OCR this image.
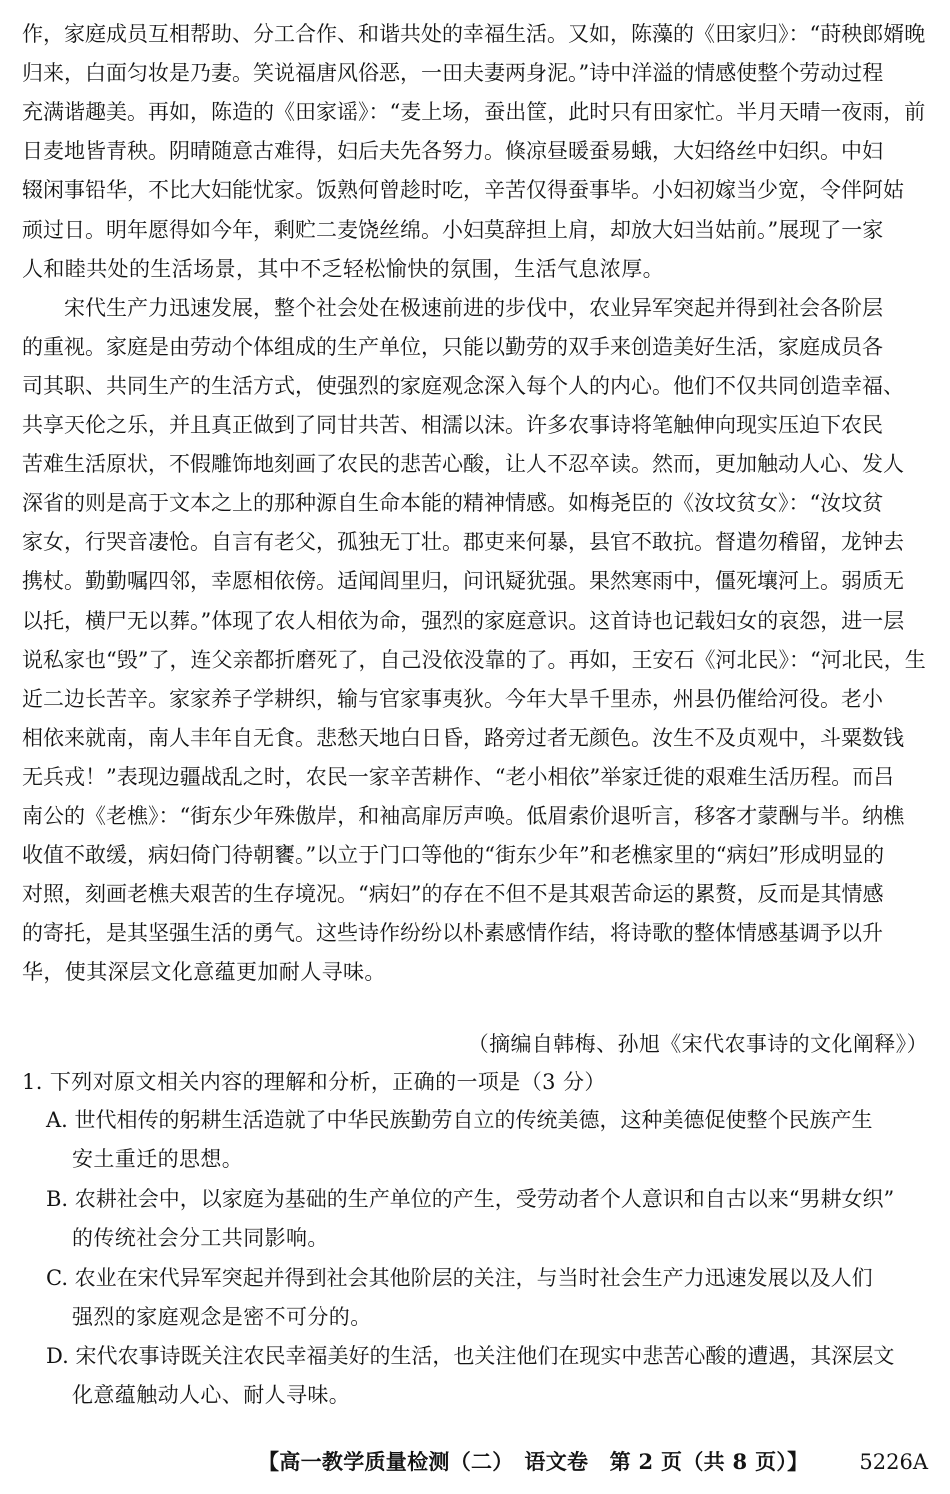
作，家庭成员互相帮助、分工合作、和谐共处的幸福生活。又如，陈藻的《田家归》：“莳秧郎婿晚
归来，白面匀妆是乃妻。笑说福唐风俗恶，一田夫妻两身泥。”诗中洋溢的情感使整个劳动过程
充满谐趣美。再如，陈造的《田家谣》：“麦上场，蚕出筐，此时只有田家忙。半月天晴一夜雨，前
日麦地皆青秧。阴晴随意古难得，妇后夫先各努力。倏凉昼暖蚕易蛾，大妇络丝中妇织。中妇
辍闲事铅华，不比大妇能忧家。饭熟何曾趁时吃，辛苦仅得蚕事毕。小妇初嫁当少宽，令伴阿姑
顽过日。明年愿得如今年，剩贮二麦饶丝绵。小妇莫辞担上肩，却放大妇当姑前。”展现了一家
人和睦共处的生活场景，其中不乏轻松愉快的氛围，生活气息浓厚。
　　宋代生产力迅速发展，整个社会处在极速前进的步伐中，农业异军突起并得到社会各阶层
的重视。家庭是由劳动个体组成的生产单位，只能以勤劳的双手来创造美好生活，家庭成员各
司其职、共同生产的生活方式，使强烈的家庭观念深入每个人的内心。他们不仅共同创造幸福、
共享天伦之乐，并且真正做到了同甘共苦、相濡以沫。许多农事诗将笔触伸向现实压迫下农民
苦难生活原状，不假雕饰地刻画了农民的悲苦心酸，让人不忍卒读。然而，更加触动人心、发人
深省的则是高于文本之上的那种源自生命本能的精神情感。如梅尧臣的《汝坟贫女》：“汝坟贫
家女，行哭音凄怆。自言有老父，孤独无丁壮。郡吏来何暴，县官不敢抗。督遣勿稽留，龙钟去
携杖。勤勤嘱四邻，幸愿相依傍。适闻闾里归，问讯疑犹强。果然寒雨中，僵死壤河上。弱质无
以托，横尸无以葬。”体现了农人相依为命，强烈的家庭意识。这首诗也记载妇女的哀怨，进一层
说私家也“毁”了，连父亲都折磨死了，自己没依没靠的了。再如，王安石《河北民》：“河北民，生
近二边长苦辛。家家养子学耕织，输与官家事夷狄。今年大旱千里赤，州县仍催给河役。老小
相依来就南，南人丰年自无食。悲愁天地白日昏，路旁过者无颜色。汝生不及贞观中，斗粟数钱
无兵戎！”表现边疆战乱之时，农民一家辛苦耕作、“老小相依”举家迁徙的艰难生活历程。而吕
南公的《老樵》：“街东少年殊傲岸，和袖高扉厉声唤。低眉索价退听言，移客才蒙酬与半。纳樵
收值不敢缓，病妇倚门待朝饔。”以立于门口等他的“街东少年”和老樵家里的“病妇”形成明显的
对照，刻画老樵夫艰苦的生存境况。“病妇”的存在不但不是其艰苦命运的累赘，反而是其情感
的寄托，是其坚强生活的勇气。这些诗作纷纷以朴素感情作结，将诗歌的整体情感基调予以升
华，使其深层文化意蕴更加耐人寻味。
（摘编自韩梅、孙旭《宋代农事诗的文化阐释》）
1. 下列对原文相关内容的理解和分析，正确的一项是（3 分）
A. 世代相传的躬耕生活造就了中华民族勤劳自立的传统美德，这种美德促使整个民族产生
安土重迁的思想。
B. 农耕社会中，以家庭为基础的生产单位的产生，受劳动者个人意识和自古以来“男耕女织”
的传统社会分工共同影响。
C. 农业在宋代异军突起并得到社会其他阶层的关注，与当时社会生产力迅速发展以及人们
强烈的家庭观念是密不可分的。
D. 宋代农事诗既关注农民幸福美好的生活，也关注他们在现实中悲苦心酸的遭遇，其深层文
化意蕴触动人心、耐人寻味。
【高一教学质量检测（二）　语文卷　第 2 页（共 8 页）】 5226A
